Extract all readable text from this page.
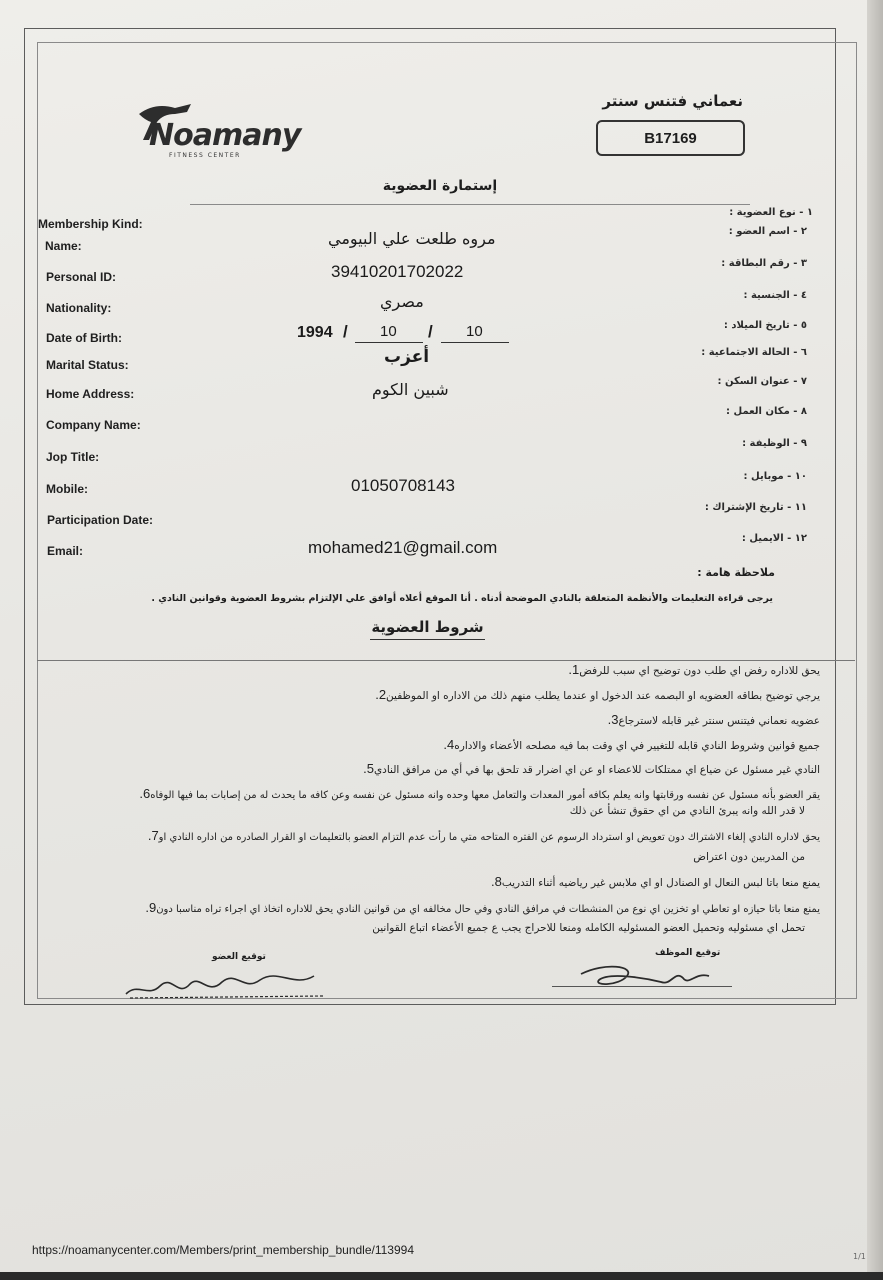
Noamany
FITNESS CENTER
نعماني فتنس سنتر
B17169
إستمارة العضوية
Membership Kind:
Name:
Personal ID:
Nationality:
Date of Birth:
Marital Status:
Home Address:
Company Name:
Jop Title:
Mobile:
Participation Date:
Email:
١ - نوع العضوية :
٢ - اسم العضو :
٣ - رقم البطاقة :
٤ - الجنسية :
٥ - تاريخ الميلاد :
٦ - الحالة الاجتماعية :
٧ - عنوان السكن :
٨ - مكان العمل :
٩ - الوظيفة :
١٠ - موبايل :
١١ - تاريخ الإشتراك :
١٢ - الايميل :
مروه طلعت علي البيومي
39410201702022
مصري
1994 / 10 / 10
أعزب
شبين الكوم
01050708143
mohamed21@gmail.com
ملاحظة هامة :
يرجى قراءة التعليمات والأنظمة المتعلقة بالنادي الموضحة أدناه . أنا الموقع أعلاه أوافق علي الإلتزام بشروط العضوية وقوانين النادي .
شروط العضوية
يحق للاداره رفض اي طلب دون توضيح اي سبب للرفض1.
يرجي توضيح بطاقه العضويه او البصمه عند الدخول او عندما يطلب منهم ذلك من الاداره او الموظفين2.
عضويه نعماني فيتنس سنتر غير قابله لاسترجاع3.
جميع قوانين وشروط النادي قابله للتغيير في اي وقت بما فيه مصلحه الأعضاء والاداره4.
النادي غير مسئول عن ضياع اي ممتلكات للاعضاء او عن اي اضرار قد تلحق بها في أي من مرافق النادي5.
يقر العضو بأنه مسئول عن نفسه ورقابتها وانه يعلم بكافه أمور المعدات والتعامل معها وحده وانه مسئول عن نفسه وعن كافه ما يحدث له من إصابات بما فيها الوفاه6.
لا قدر الله وانه يبرئ النادي من اي حقوق تنشأ عن ذلك
يحق لاداره النادي إلغاء الاشتراك دون تعويض او استرداد الرسوم عن الفتره المتاحه متي ما رأت عدم التزام العضو بالتعليمات او القرار الصادره من اداره النادي او7.
من المدربين دون اعتراض
يمنع منعا باتا لبس النعال او الصنادل او اي ملابس غير رياضيه أثناء التدريب8.
يمنع منعا باتا حيازه او تعاطي او تخزين اي نوع من المنشطات في مرافق النادي وفي حال مخالفه اي من قوانين النادي يحق للاداره اتخاذ اي اجراء تراه مناسبا دون9.
تحمل اي مسئوليه وتحميل العضو المسئوليه الكامله ومنعا للاحراج يجب ع جميع الأعضاء اتباع القوانين
توقيع العضو	توقيع الموظف
https://noamanycenter.com/Members/print_membership_bundle/113994	1/1
